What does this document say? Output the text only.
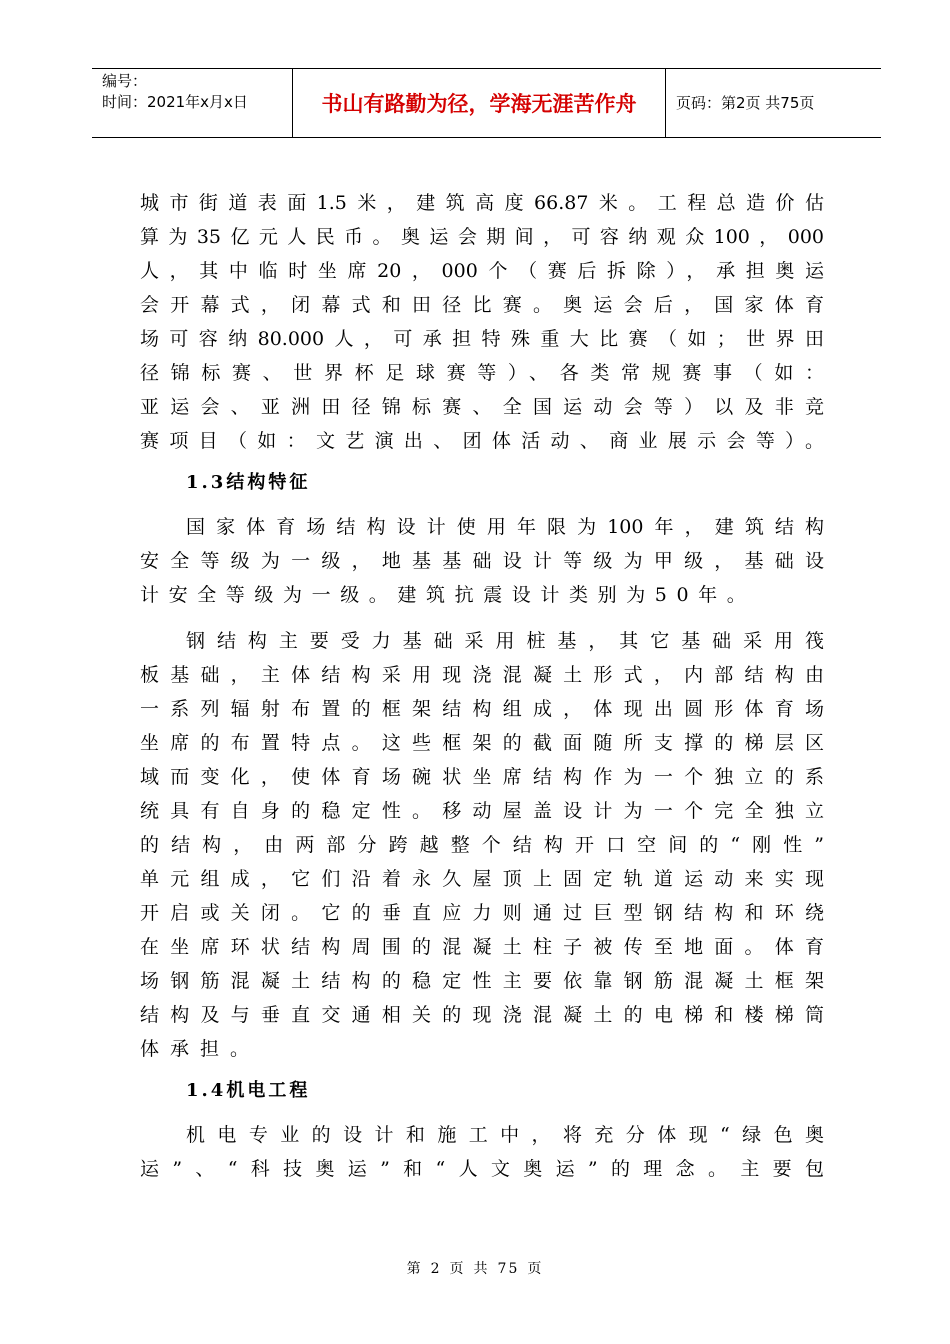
编号：
时间：2021年x月x日	书山有路勤为径，学海无涯苦作舟	页码：第2页 共75页
城市街道表面1.5米，建筑高度66.87米。工程总造价估
算为35亿元人民币。奥运会期间，可容纳观众100，000
人，其中临时坐席20，000个（赛后拆除），承担奥运
会开幕式，闭幕式和田径比赛。奥运会后，国家体育
场可容纳80.000人，可承担特殊重大比赛（如；世界田
径锦标赛、世界杯足球赛等）、各类常规赛事（如：
亚运会、亚洲田径锦标赛、全国运动会等）以及非竞
赛项目（如：文艺演出、团体活动、商业展示会等）。
1.3结构特征
国家体育场结构设计使用年限为100年，建筑结构
安全等级为一级，地基基础设计等级为甲级，基础设
计安全等级为一级。建筑抗震设计类别为50年。
钢结构主要受力基础采用桩基，其它基础采用筏
板基础，主体结构采用现浇混凝土形式，内部结构由
一系列辐射布置的框架结构组成，体现出圆形体育场
坐席的布置特点。这些框架的截面随所支撑的梯层区
域而变化，使体育场碗状坐席结构作为一个独立的系
统具有自身的稳定性。移动屋盖设计为一个完全独立
的结构，由两部分跨越整个结构开口空间的“刚性”
单元组成，它们沿着永久屋顶上固定轨道运动来实现
开启或关闭。它的垂直应力则通过巨型钢结构和环绕
在坐席环状结构周围的混凝土柱子被传至地面。体育
场钢筋混凝土结构的稳定性主要依靠钢筋混凝土框架
结构及与垂直交通相关的现浇混凝土的电梯和楼梯筒
体承担。
1.4机电工程
机电专业的设计和施工中，将充分体现“绿色奥
运”、“科技奥运”和“人文奥运”的理念。主要包
第 2 页 共 75 页
